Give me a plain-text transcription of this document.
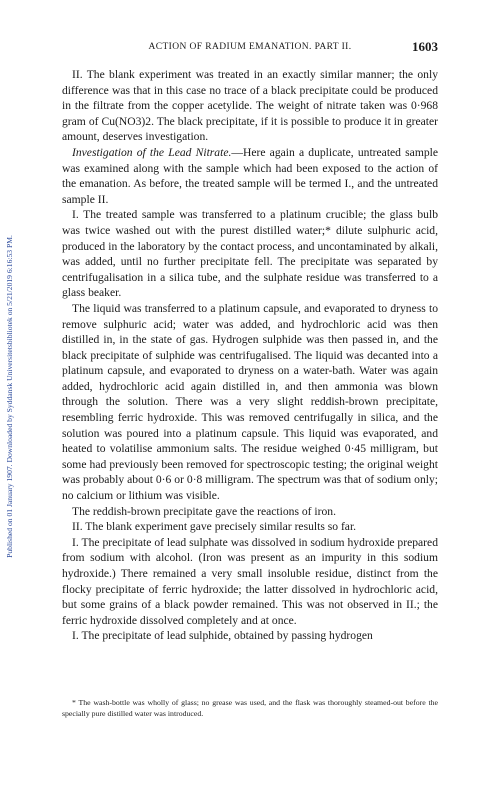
Published on 01 January 1907. Downloaded by Syddansk Universitetsbibliotek on 5/21/2019 6:16:53 PM.
ACTION OF RADIUM EMANATION. PART II.	1603

II. The blank experiment was treated in an exactly similar manner; the only difference was that in this case no trace of a black precipitate could be produced in the filtrate from the copper acetylide. The weight of nitrate taken was 0·968 gram of Cu(NO3)2. The black precipitate, if it is possible to produce it in greater amount, deserves investigation.

Investigation of the Lead Nitrate.—Here again a duplicate, untreated sample was examined along with the sample which had been exposed to the action of the emanation. As before, the treated sample will be termed I., and the untreated sample II.

I. The treated sample was transferred to a platinum crucible; the glass bulb was twice washed out with the purest distilled water;* dilute sulphuric acid, produced in the laboratory by the contact process, and uncontaminated by alkali, was added, until no further precipitate fell. The precipitate was separated by centrifugalisation in a silica tube, and the sulphate residue was transferred to a glass beaker.

The liquid was transferred to a platinum capsule, and evaporated to dryness to remove sulphuric acid; water was added, and hydrochloric acid was then distilled in, in the state of gas. Hydrogen sulphide was then passed in, and the black precipitate of sulphide was centrifugalised. The liquid was decanted into a platinum capsule, and evaporated to dryness on a water-bath. Water was again added, hydrochloric acid again distilled in, and then ammonia was blown through the solution. There was a very slight reddish-brown precipitate, resembling ferric hydroxide. This was removed centrifugally in silica, and the solution was poured into a platinum capsule. This liquid was evaporated, and heated to volatilise ammonium salts. The residue weighed 0·45 milligram, but some had previously been removed for spectroscopic testing; the original weight was probably about 0·6 or 0·8 milligram. The spectrum was that of sodium only; no calcium or lithium was visible.

The reddish-brown precipitate gave the reactions of iron.

II. The blank experiment gave precisely similar results so far.

I. The precipitate of lead sulphate was dissolved in sodium hydroxide prepared from sodium with alcohol. (Iron was present as an impurity in this sodium hydroxide.) There remained a very small insoluble residue, distinct from the flocky precipitate of ferric hydroxide; the latter dissolved in hydrochloric acid, but some grains of a black powder remained. This was not observed in II.; the ferric hydroxide dissolved completely and at once.

I. The precipitate of lead sulphide, obtained by passing hydrogen

* The wash-bottle was wholly of glass; no grease was used, and the flask was thoroughly steamed-out before the specially pure distilled water was introduced.
